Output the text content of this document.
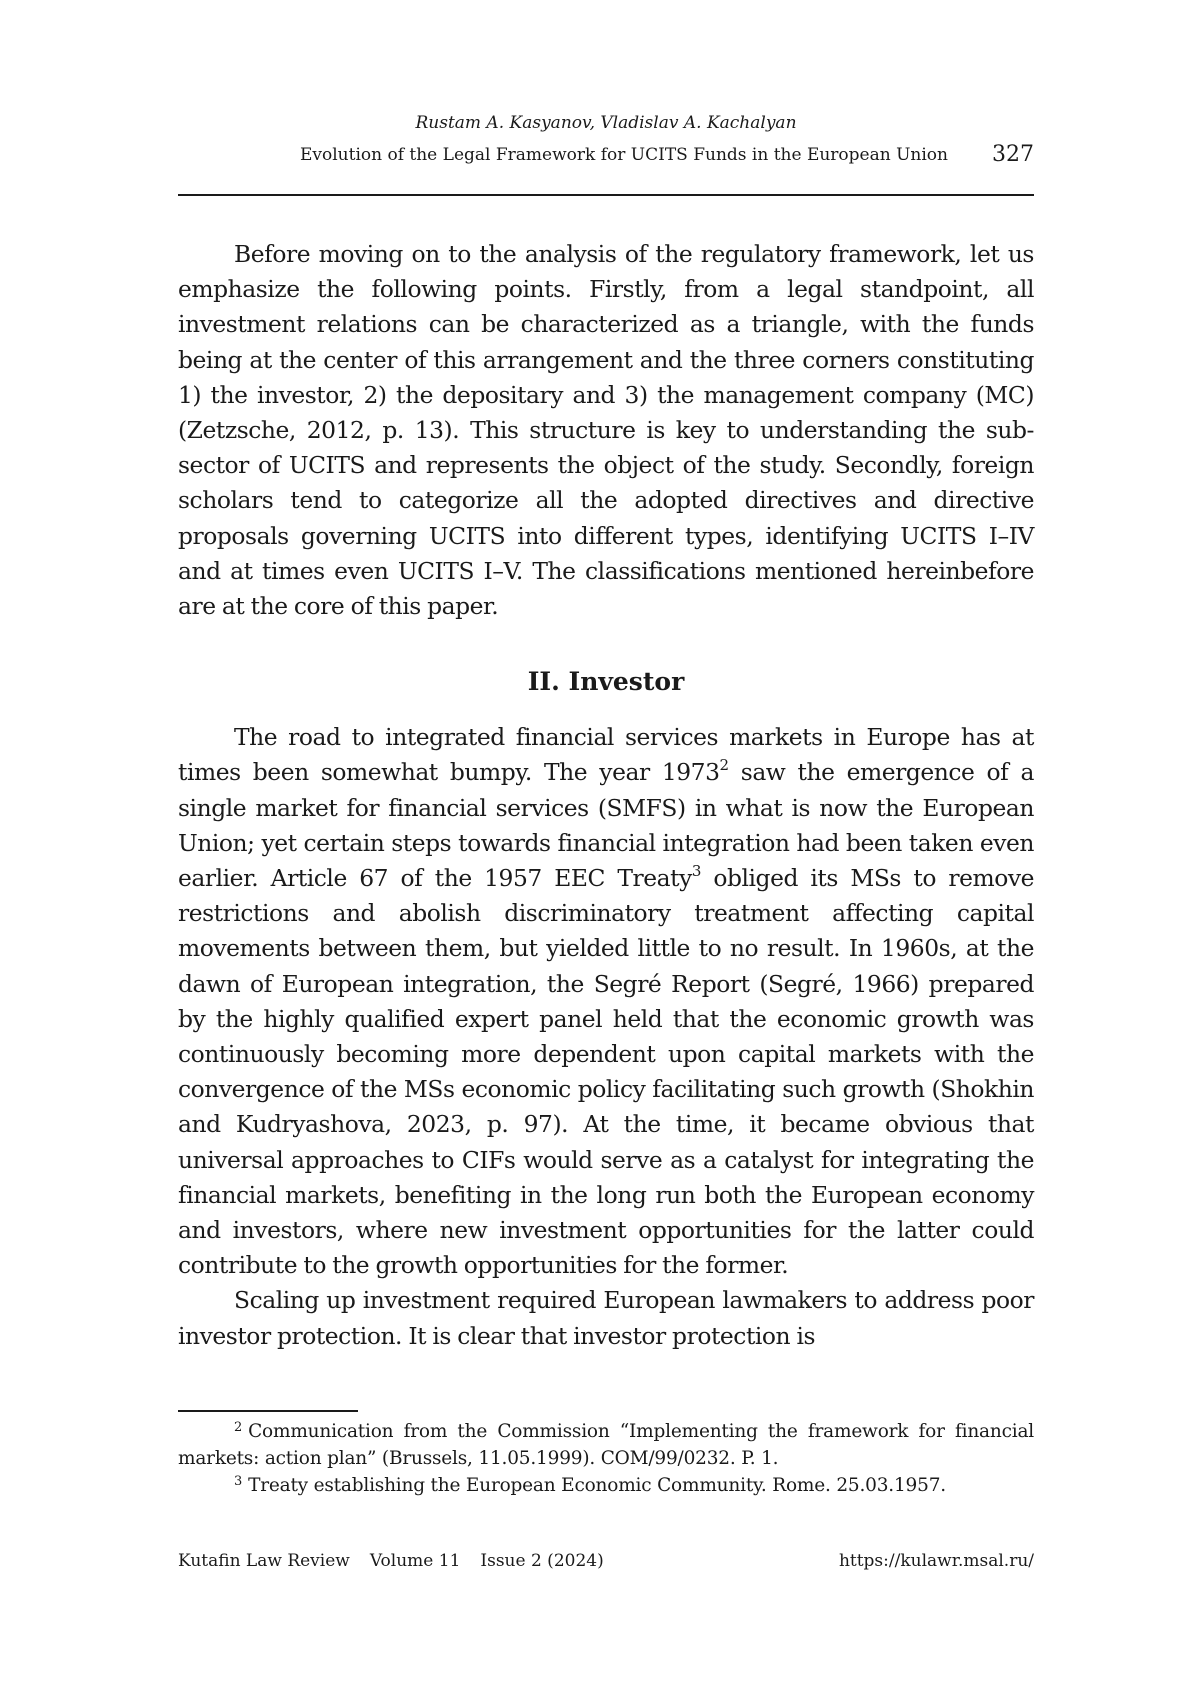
Rustam A. Kasyanov, Vladislav A. Kachalyan
Evolution of the Legal Framework for UCITS Funds in the European Union 327

Before moving on to the analysis of the regulatory framework, let us emphasize the following points. Firstly, from a legal standpoint, all investment relations can be characterized as a triangle, with the funds being at the center of this arrangement and the three corners constituting 1) the investor, 2) the depositary and 3) the management company (MC) (Zetzsche, 2012, p. 13). This structure is key to understanding the sub-sector of UCITS and represents the object of the study. Secondly, foreign scholars tend to categorize all the adopted directives and directive proposals governing UCITS into different types, identifying UCITS I–IV and at times even UCITS I–V. The classifications mentioned hereinbefore are at the core of this paper.

II. Investor

The road to integrated financial services markets in Europe has at times been somewhat bumpy. The year 1973$^2$ saw the emergence of a single market for financial services (SMFS) in what is now the European Union; yet certain steps towards financial integration had been taken even earlier. Article 67 of the 1957 EEC Treaty$^3$ obliged its MSs to remove restrictions and abolish discriminatory treatment affecting capital movements between them, but yielded little to no result. In 1960s, at the dawn of European integration, the Segré Report (Segré, 1966) prepared by the highly qualified expert panel held that the economic growth was continuously becoming more dependent upon capital markets with the convergence of the MSs economic policy facilitating such growth (Shokhin and Kudryashova, 2023, p. 97). At the time, it became obvious that universal approaches to CIFs would serve as a catalyst for integrating the financial markets, benefiting in the long run both the European economy and investors, where new investment opportunities for the latter could contribute to the growth opportunities for the former.

Scaling up investment required European lawmakers to address poor investor protection. It is clear that investor protection is

$^2$ Communication from the Commission “Implementing the framework for financial markets: action plan” (Brussels, 11.05.1999). COM/99/0232. P. 1.

$^3$ Treaty establishing the European Economic Community. Rome. 25.03.1957.

Kutafin Law Review Volume 11 Issue 2 (2024)	https://kulawr.msal.ru/
